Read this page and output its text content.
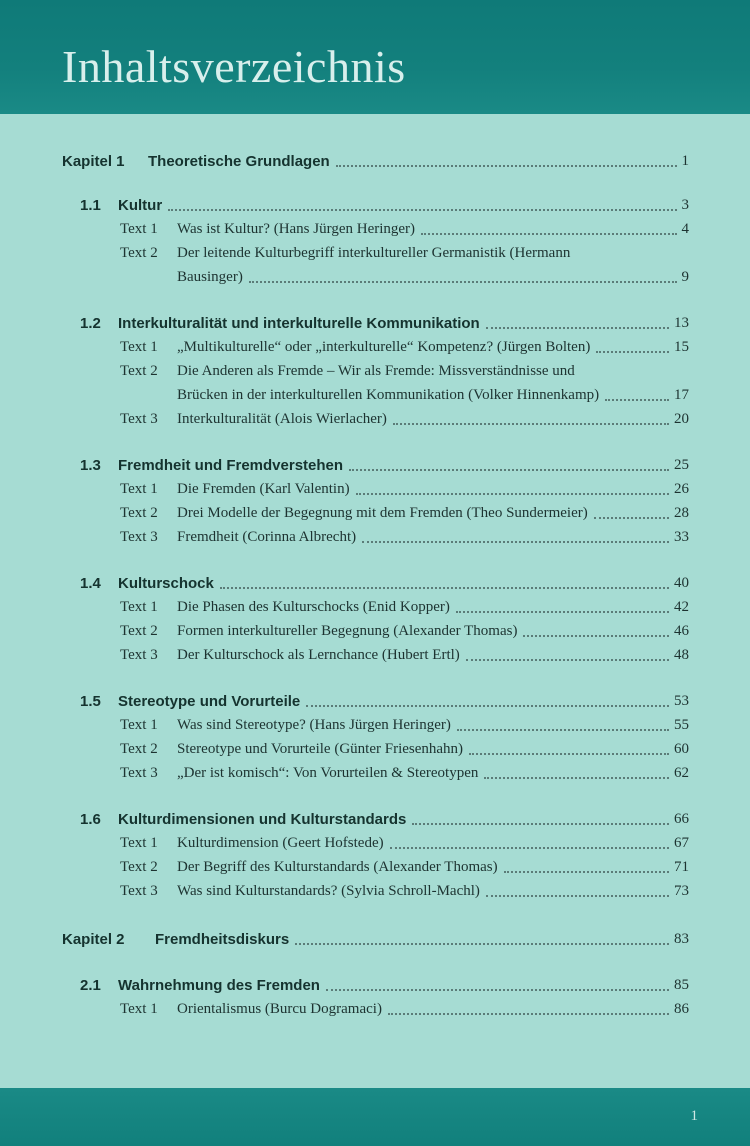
Inhaltsverzeichnis
Kapitel 1 Theoretische Grundlagen	1
1.1 Kultur	3
Text 1 Was ist Kultur? (Hans Jürgen Heringer)	4
Text 2 Der leitende Kulturbegriff interkultureller Germanistik (Hermann
Bausinger)	9
1.2 Interkulturalität und interkulturelle Kommunikation	13
Text 1 „Multikulturelle“ oder „interkulturelle“ Kompetenz? (Jürgen Bolten)	15
Text 2 Die Anderen als Fremde – Wir als Fremde: Missverständnisse und
Brücken in der interkulturellen Kommunikation (Volker Hinnenkamp)	17
Text 3 Interkulturalität (Alois Wierlacher)	20
1.3 Fremdheit und Fremdverstehen	25
Text 1 Die Fremden (Karl Valentin)	26
Text 2 Drei Modelle der Begegnung mit dem Fremden (Theo Sundermeier)	28
Text 3 Fremdheit (Corinna Albrecht)	33
1.4 Kulturschock	40
Text 1 Die Phasen des Kulturschocks (Enid Kopper)	42
Text 2 Formen interkultureller Begegnung (Alexander Thomas)	46
Text 3 Der Kulturschock als Lernchance (Hubert Ertl)	48
1.5 Stereotype und Vorurteile	53
Text 1 Was sind Stereotype? (Hans Jürgen Heringer)	55
Text 2 Stereotype und Vorurteile (Günter Friesenhahn)	60
Text 3 „Der ist komisch“: Von Vorurteilen & Stereotypen	62
1.6 Kulturdimensionen und Kulturstandards	66
Text 1 Kulturdimension (Geert Hofstede)	67
Text 2 Der Begriff des Kulturstandards (Alexander Thomas)	71
Text 3 Was sind Kulturstandards? (Sylvia Schroll-Machl)	73
Kapitel 2 Fremdheitsdiskurs	83
2.1 Wahrnehmung des Fremden	85
Text 1 Orientalismus (Burcu Dogramaci)	86
1
